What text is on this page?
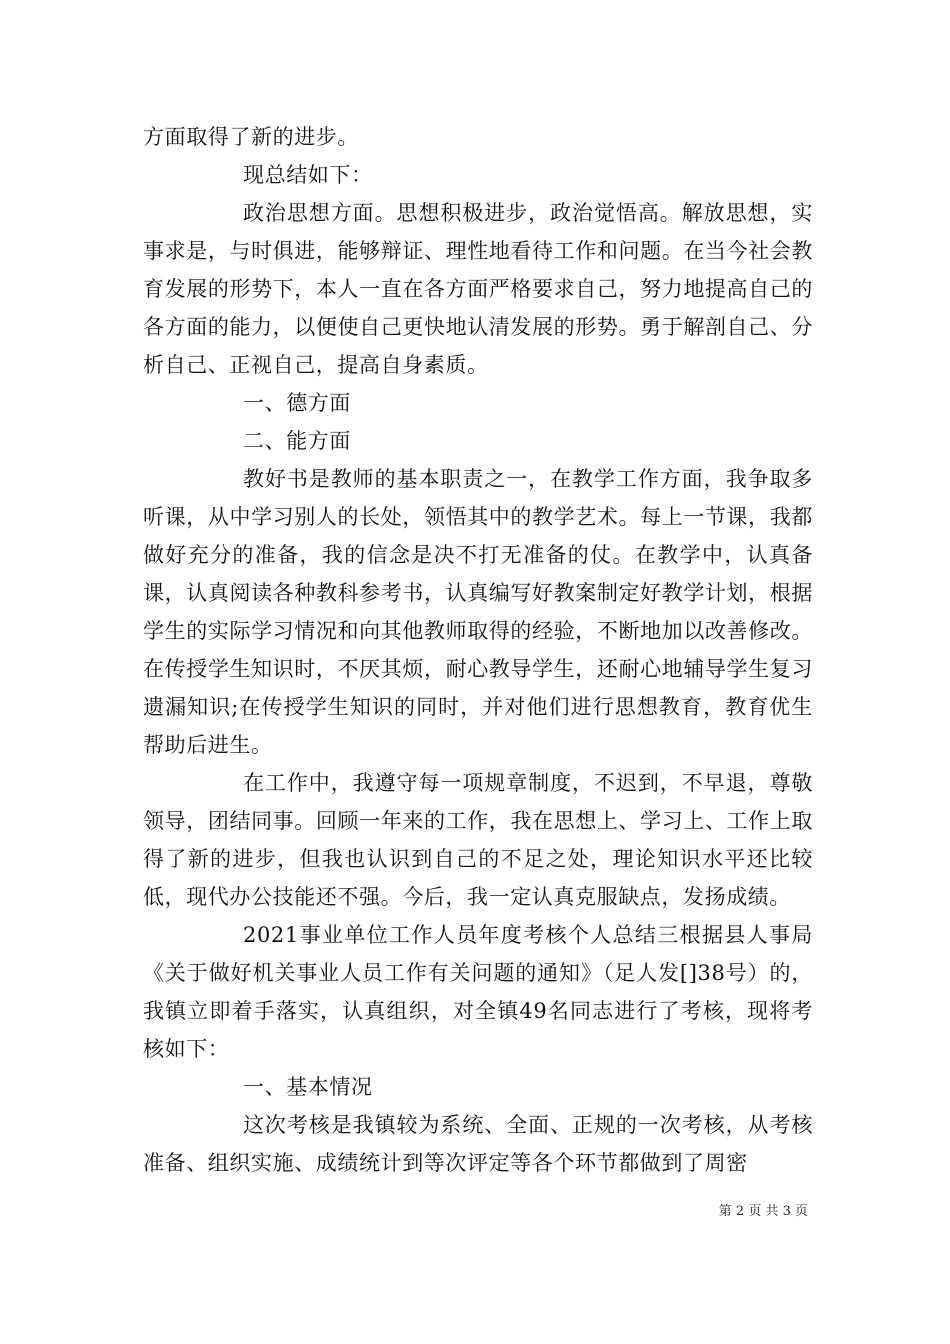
方面取得了新的进步。

现总结如下：

政治思想方面。思想积极进步，政治觉悟高。解放思想，实事求是，与时俱进，能够辩证、理性地看待工作和问题。在当今社会教育发展的形势下，本人一直在各方面严格要求自己，努力地提高自己的各方面的能力，以便使自己更快地认清发展的形势。勇于解剖自己、分析自己、正视自己，提高自身素质。

一、德方面

二、能方面

教好书是教师的基本职责之一，在教学工作方面，我争取多听课，从中学习别人的长处，领悟其中的教学艺术。每上一节课，我都做好充分的准备，我的信念是决不打无准备的仗。在教学中，认真备课，认真阅读各种教科参考书，认真编写好教案制定好教学计划，根据学生的实际学习情况和向其他教师取得的经验，不断地加以改善修改。在传授学生知识时，不厌其烦，耐心教导学生，还耐心地辅导学生复习遗漏知识;在传授学生知识的同时，并对他们进行思想教育，教育优生帮助后进生。

在工作中，我遵守每一项规章制度，不迟到，不早退，尊敬领导，团结同事。回顾一年来的工作，我在思想上、学习上、工作上取得了新的进步，但我也认识到自己的不足之处，理论知识水平还比较低，现代办公技能还不强。今后，我一定认真克服缺点，发扬成绩。

2021事业单位工作人员年度考核个人总结三根据县人事局《关于做好机关事业人员工作有关问题的通知》（足人发[]38号）的，我镇立即着手落实，认真组织，对全镇49名同志进行了考核，现将考核如下：

一、基本情况

这次考核是我镇较为系统、全面、正规的一次考核，从考核准备、组织实施、成绩统计到等次评定等各个环节都做到了周密

第 2 页 共 3 页
